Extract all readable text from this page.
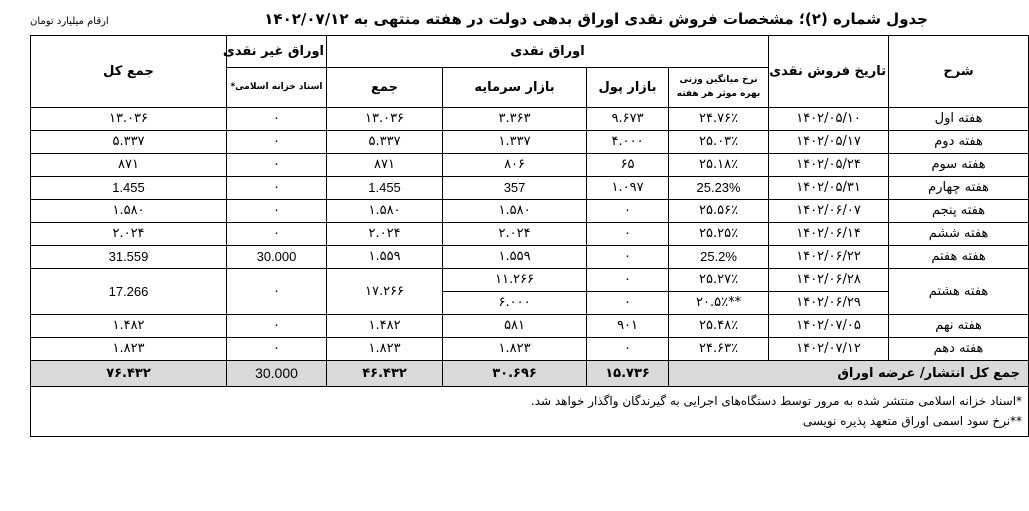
جدول شماره (۲)؛ مشخصات فروش نقدی اوراق بدهی دولت در هفته منتهی به ۱۴۰۲/۰۷/۱۲
ارقام میلیارد تومان
شرح	تاریخ فروش نقدی	اوراق نقدی				اوراق غیر نقدی	جمع کل
		نرخ میانگین وزنی بهره موثر هر هفته	بازار پول	بازار سرمایه	جمع	اسناد خزانه اسلامی*	
هفته اول	۱۴۰۲/۰۵/۱۰	۲۴.۷۶٪	۹.۶۷۳	۳.۳۶۳	۱۳.۰۳۶	۰	۱۳.۰۳۶
هفته دوم	۱۴۰۲/۰۵/۱۷	۲۵.۰۳٪	۴.۰۰۰	۱.۳۳۷	۵.۳۳۷	۰	۵.۳۳۷
هفته سوم	۱۴۰۲/۰۵/۲۴	۲۵.۱۸٪	۶۵	۸۰۶	۸۷۱	۰	۸۷۱
هفته چهارم	۱۴۰۲/۰۵/۳۱	25.23%	۱.۰۹۷	357	1.455	۰	1.455
هفته پنجم	۱۴۰۲/۰۶/۰۷	۲۵.۵۶٪	۰	۱.۵۸۰	۱.۵۸۰	۰	۱.۵۸۰
هفته ششم	۱۴۰۲/۰۶/۱۴	۲۵.۲۵٪	۰	۲.۰۲۴	۲.۰۲۴	۰	۲.۰۲۴
هفته هفتم	۱۴۰۲/۰۶/۲۲	25.2%	۰	۱.۵۵۹	۱.۵۵۹	30.000	31.559
هفته هشتم	۱۴۰۲/۰۶/۲۸	۲۵.۲۷٪	۰	۱۱.۲۶۶	۱۷.۲۶۶	۰	17.266
	۱۴۰۲/۰۶/۲۹	**۲۰.۵٪	۰	۶.۰۰۰			
هفته نهم	۱۴۰۲/۰۷/۰۵	۲۵.۴۸٪	۹۰۱	۵۸۱	۱.۴۸۲	۰	۱.۴۸۲
هفته دهم	۱۴۰۲/۰۷/۱۲	۲۴.۶۳٪	۰	۱.۸۲۳	۱.۸۲۳	۰	۱.۸۲۳
جمع کل انتشار/ عرضه اوراق			۱۵.۷۳۶	۳۰.۶۹۶	۴۶.۴۳۲	30.000	۷۶.۴۳۲

*اسناد خزانه اسلامی منتشر شده به مرور توسط دستگاه‌های اجرایی به گیرندگان واگذار خواهد شد.
**نرخ سود اسمی اوراق متعهد پذیره نویسی							
